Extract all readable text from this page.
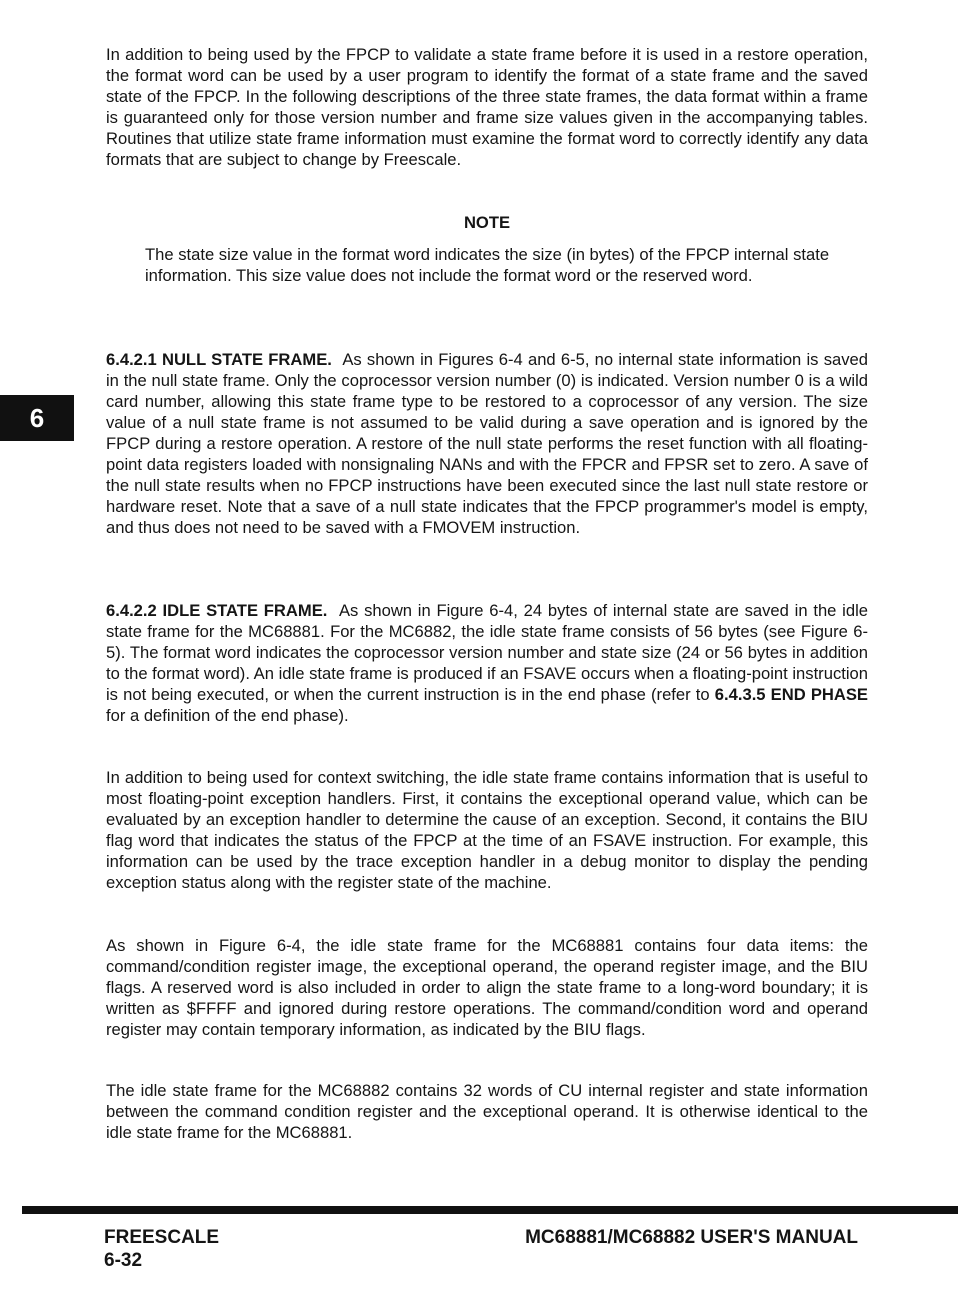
In addition to being used by the FPCP to validate a state frame before it is used in a restore operation, the format word can be used by a user program to identify the format of a state frame and the saved state of the FPCP. In the following descriptions of the three state frames, the data format within a frame is guaranteed only for those version number and frame size values given in the accompanying tables. Routines that utilize state frame information must examine the format word to correctly identify any data formats that are subject to change by Freescale.

NOTE

The state size value in the format word indicates the size (in bytes) of the FPCP internal state information. This size value does not include the format word or the reserved word.

6.4.2.1 NULL STATE FRAME. As shown in Figures 6-4 and 6-5, no internal state information is saved in the null state frame. Only the coprocessor version number (0) is indicated. Version number 0 is a wild card number, allowing this state frame type to be restored to a coprocessor of any version. The size value of a null state frame is not assumed to be valid during a save operation and is ignored by the FPCP during a restore operation. A restore of the null state performs the reset function with all floating-point data registers loaded with nonsignaling NANs and with the FPCR and FPSR set to zero. A save of the null state results when no FPCP instructions have been executed since the last null state restore or hardware reset. Note that a save of a null state indicates that the FPCP programmer's model is empty, and thus does not need to be saved with a FMOVEM instruction.

6

6.4.2.2 IDLE STATE FRAME. As shown in Figure 6-4, 24 bytes of internal state are saved in the idle state frame for the MC68881. For the MC6882, the idle state frame consists of 56 bytes (see Figure 6-5). The format word indicates the coprocessor version number and state size (24 or 56 bytes in addition to the format word). An idle state frame is produced if an FSAVE occurs when a floating-point instruction is not being executed, or when the current instruction is in the end phase (refer to 6.4.3.5 END PHASE for a definition of the end phase).

In addition to being used for context switching, the idle state frame contains information that is useful to most floating-point exception handlers. First, it contains the exceptional operand value, which can be evaluated by an exception handler to determine the cause of an exception. Second, it contains the BIU flag word that indicates the status of the FPCP at the time of an FSAVE instruction. For example, this information can be used by the trace exception handler in a debug monitor to display the pending exception status along with the register state of the machine.

As shown in Figure 6-4, the idle state frame for the MC68881 contains four data items: the command/condition register image, the exceptional operand, the operand register image, and the BIU flags. A reserved word is also included in order to align the state frame to a long-word boundary; it is written as $FFFF and ignored during restore operations. The command/condition word and operand register may contain temporary information, as indicated by the BIU flags.

The idle state frame for the MC68882 contains 32 words of CU internal register and state information between the command condition register and the exceptional operand. It is otherwise identical to the idle state frame for the MC68881.

FREESCALE
6-32
MC68881/MC68882 USER'S MANUAL
